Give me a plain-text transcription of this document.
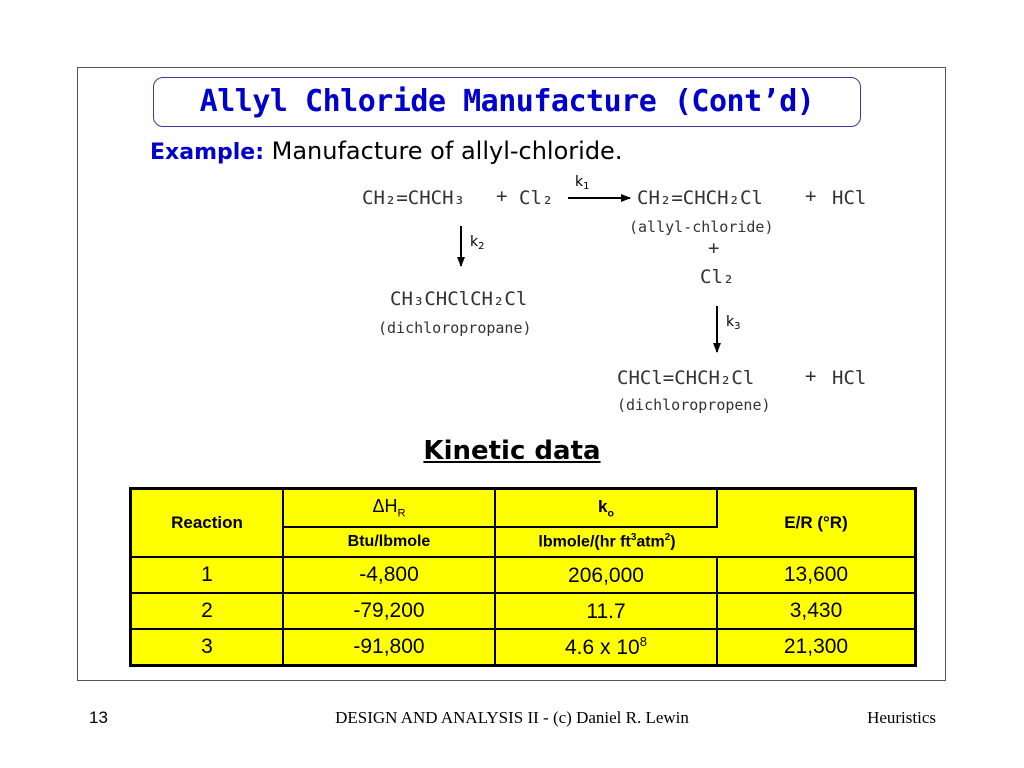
Allyl Chloride Manufacture (Cont’d)
Example: Manufacture of allyl-chloride.
CH₂=CHCH₃ + Cl₂	CH₂=CHCH₂Cl + HCl
(allyl-chloride)
+
Cl₂
CH₃CHClCH₂Cl
(dichloropropane)
CHCl=CHCH₂Cl	+ HCl
(dichloropropene)
$k_1$
$k_2$
$k_3$
Kinetic data
Reaction	$\Delta H_R$	$k_o$	E/R (°R)
	Btu/lbmole	lbmole/(hr $ft^3atm^2$)	
1	-4,800	206,000	13,600
2	-79,200	11.7	3,430
3	-91,800	4.6 x $10^8$	21,300
13	DESIGN AND ANALYSIS II - (c) Daniel R. Lewin	Heuristics
